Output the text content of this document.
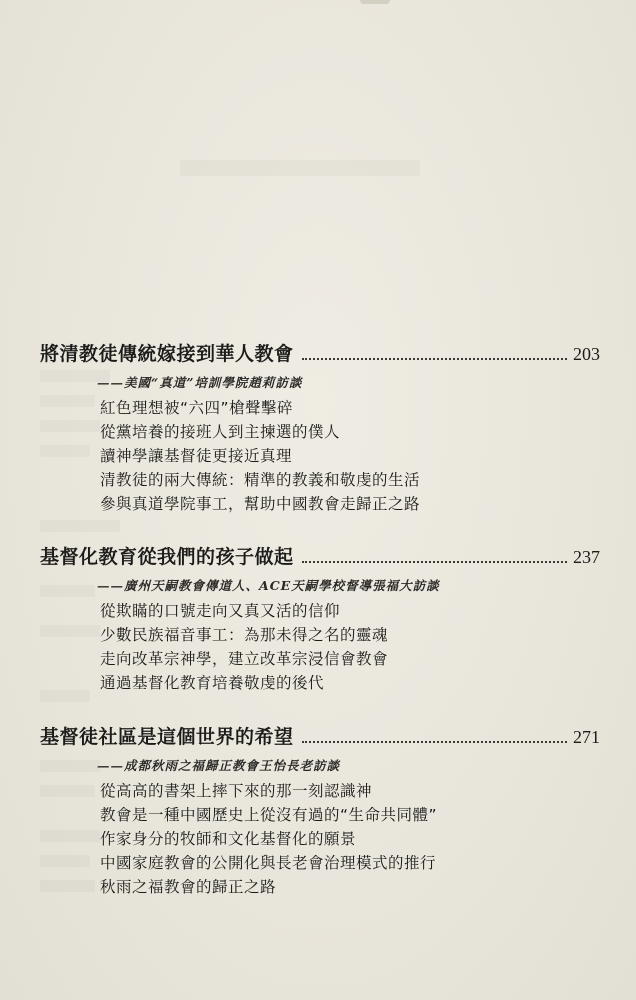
將清教徒傳統嫁接到華人教會	203
——美國“真道”培訓學院趙莉訪談
紅色理想被“六四”槍聲擊碎
從黨培養的接班人到主揀選的僕人
讀神學讓基督徒更接近真理
清教徒的兩大傳統：精準的教義和敬虔的生活
參與真道學院事工，幫助中國教會走歸正之路
基督化教育從我們的孩子做起	237
——廣州天嗣教會傳道人、ACE天嗣學校督導張福大訪談
從欺瞞的口號走向又真又活的信仰
少數民族福音事工：為那未得之名的靈魂
走向改革宗神學，建立改革宗浸信會教會
通過基督化教育培養敬虔的後代
基督徒社區是這個世界的希望	271
——成都秋雨之福歸正教會王怡長老訪談
從高高的書架上摔下來的那一刻認識神
教會是一種中國歷史上從沒有過的“生命共同體”
作家身分的牧師和文化基督化的願景
中國家庭教會的公開化與長老會治理模式的推行
秋雨之福教會的歸正之路
